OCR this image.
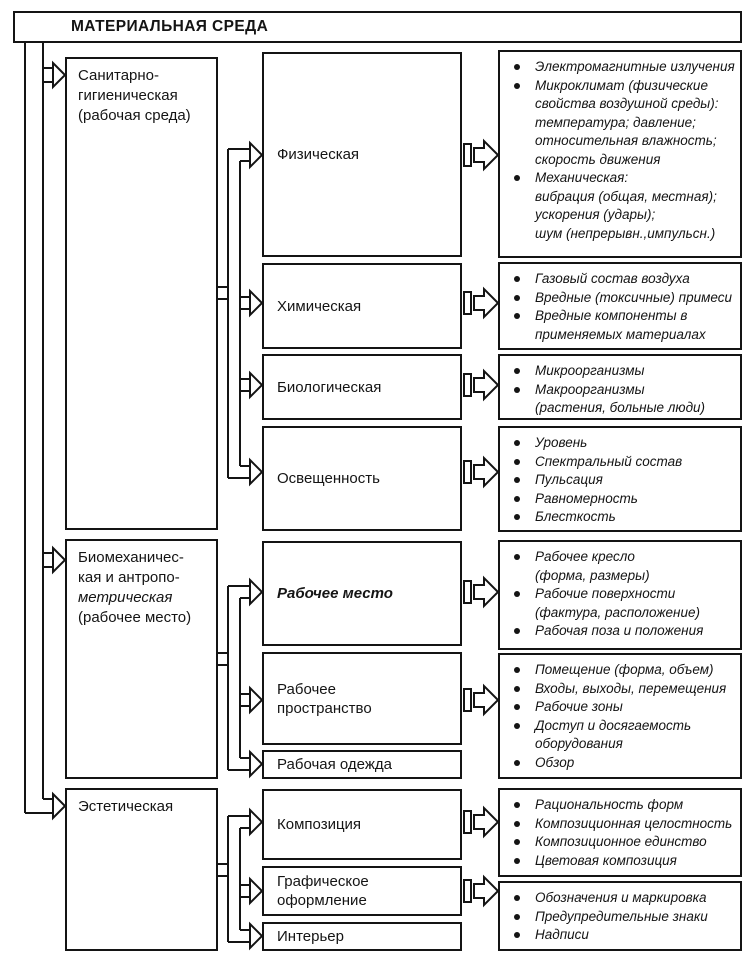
МАТЕРИАЛЬНАЯ СРЕДА
Санитарно-
гигиеническая
(рабочая среда)
Физическая
Электромагнитные излучения
Микроклимат (физические
свойства воздушной среды):
температура; давление;
относительная влажность;
скорость движения
Механическая:
вибрация (общая, местная);
ускорения (удары);
шум (непрерывн.,импульсн.)
Химическая
Газовый состав воздуха
Вредные (токсичные) примеси
Вредные компоненты в
применяемых материалах
Биологическая
Микроорганизмы
Макроорганизмы
(растения, больные люди)
Освещенность
Уровень
Спектральный состав
Пульсация
Равномерность
Блесткость
Биомеханичес-
кая и антропо-
метрическая
(рабочее место)
Рабочее место
Рабочее кресло
(форма, размеры)
Рабочие поверхности
(фактура, расположение)
Рабочая поза и положения
Рабочее
пространство
Помещение (форма, объем)
Входы, выходы, перемещения
Рабочие зоны
Доступ и досягаемость
оборудования
Обзор
Рабочая одежда
Эстетическая
Композиция
Рациональность форм
Композиционная целостность
Композиционное единство
Цветовая композиция
Графическое
оформление	Обозначения и маркировка
Предупредительные знаки
Надписи
Интерьер
